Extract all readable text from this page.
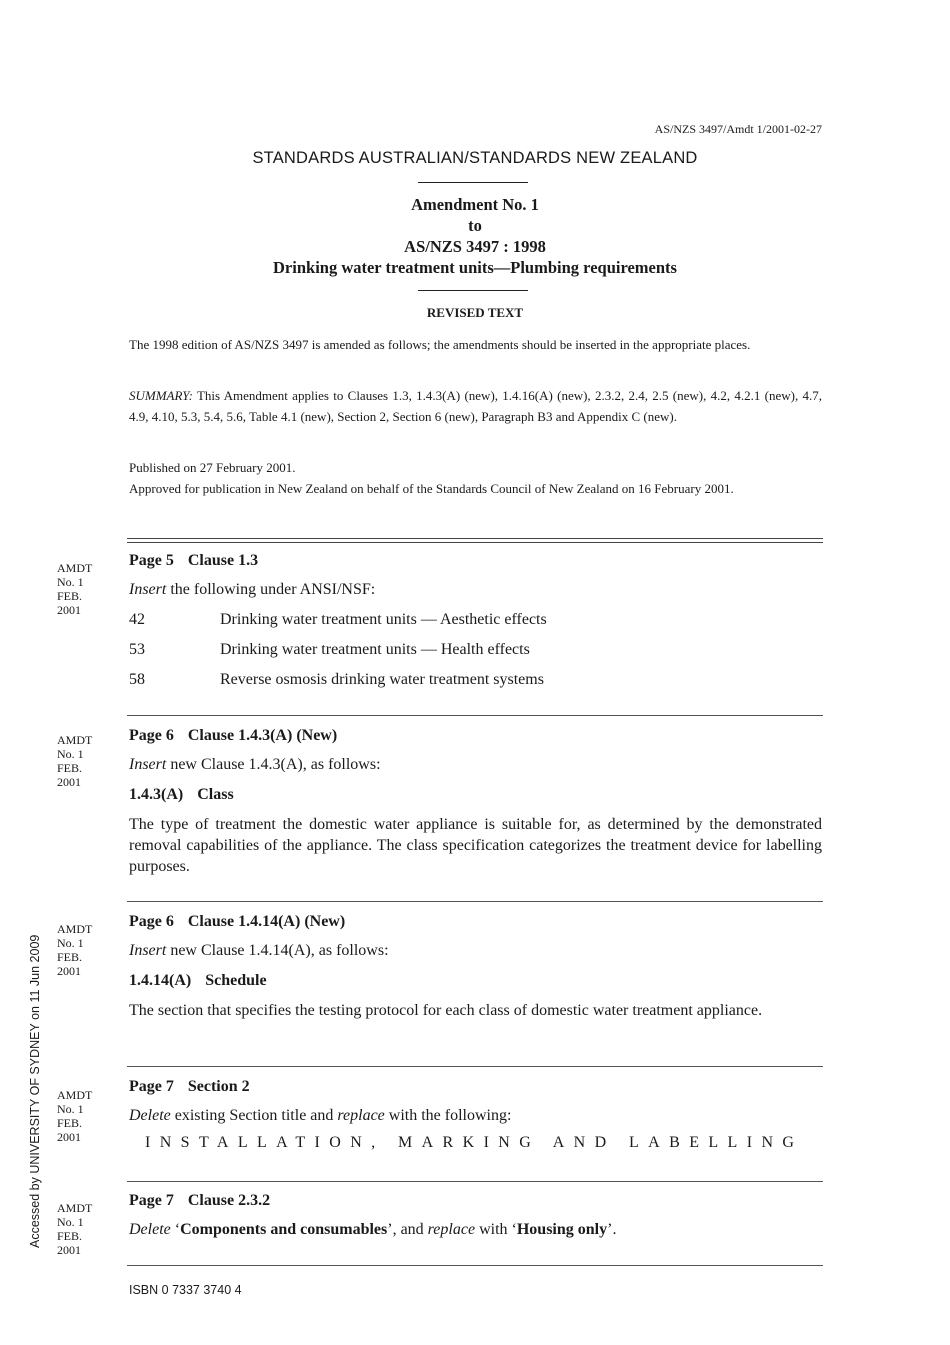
AS/NZS 3497/Amdt 1/2001-02-27
STANDARDS AUSTRALIAN/STANDARDS NEW ZEALAND
Amendment No. 1
to
AS/NZS 3497 : 1998
Drinking water treatment units—Plumbing requirements
REVISED TEXT

The 1998 edition of AS/NZS 3497 is amended as follows; the amendments should be inserted in the appropriate places.

SUMMARY: This Amendment applies to Clauses 1.3, 1.4.3(A) (new), 1.4.16(A) (new), 2.3.2, 2.4, 2.5 (new), 4.2, 4.2.1 (new), 4.7, 4.9, 4.10, 5.3, 5.4, 5.6, Table 4.1 (new), Section 2, Section 6 (new), Paragraph B3 and Appendix C (new).

Published on 27 February 2001.

Approved for publication in New Zealand on behalf of the Standards Council of New Zealand on 16 February 2001.

AMDT
No. 1
FEB.
2001
AMDT
No. 1
FEB.
2001
AMDT
No. 1
FEB.
2001
AMDT
No. 1
FEB.
2001
AMDT
No. 1
FEB.
2001
Page 5 Clause 1.3
Insert the following under ANSI/NSF:
42	Drinking water treatment units — Aesthetic effects
53	Drinking water treatment units — Health effects
58	Reverse osmosis drinking water treatment systems
Page 6 Clause 1.4.3(A) (New)
Insert new Clause 1.4.3(A), as follows:
1.4.3(A) Class
The type of treatment the domestic water appliance is suitable for, as determined by the demonstrated removal capabilities of the appliance. The class specification categorizes the treatment device for labelling purposes.
Page 6 Clause 1.4.14(A) (New)
Insert new Clause 1.4.14(A), as follows:
1.4.14(A) Schedule
The section that specifies the testing protocol for each class of domestic water treatment appliance.
Page 7 Section 2
Delete existing Section title and replace with the following:
INSTALLATION, MARKING AND LABELLING
Page 7 Clause 2.3.2
Delete ‘Components and consumables’, and replace with ‘Housing only’.
Accessed by UNIVERSITY OF SYDNEY on 11 Jun 2009
ISBN 0 7337 3740 4
